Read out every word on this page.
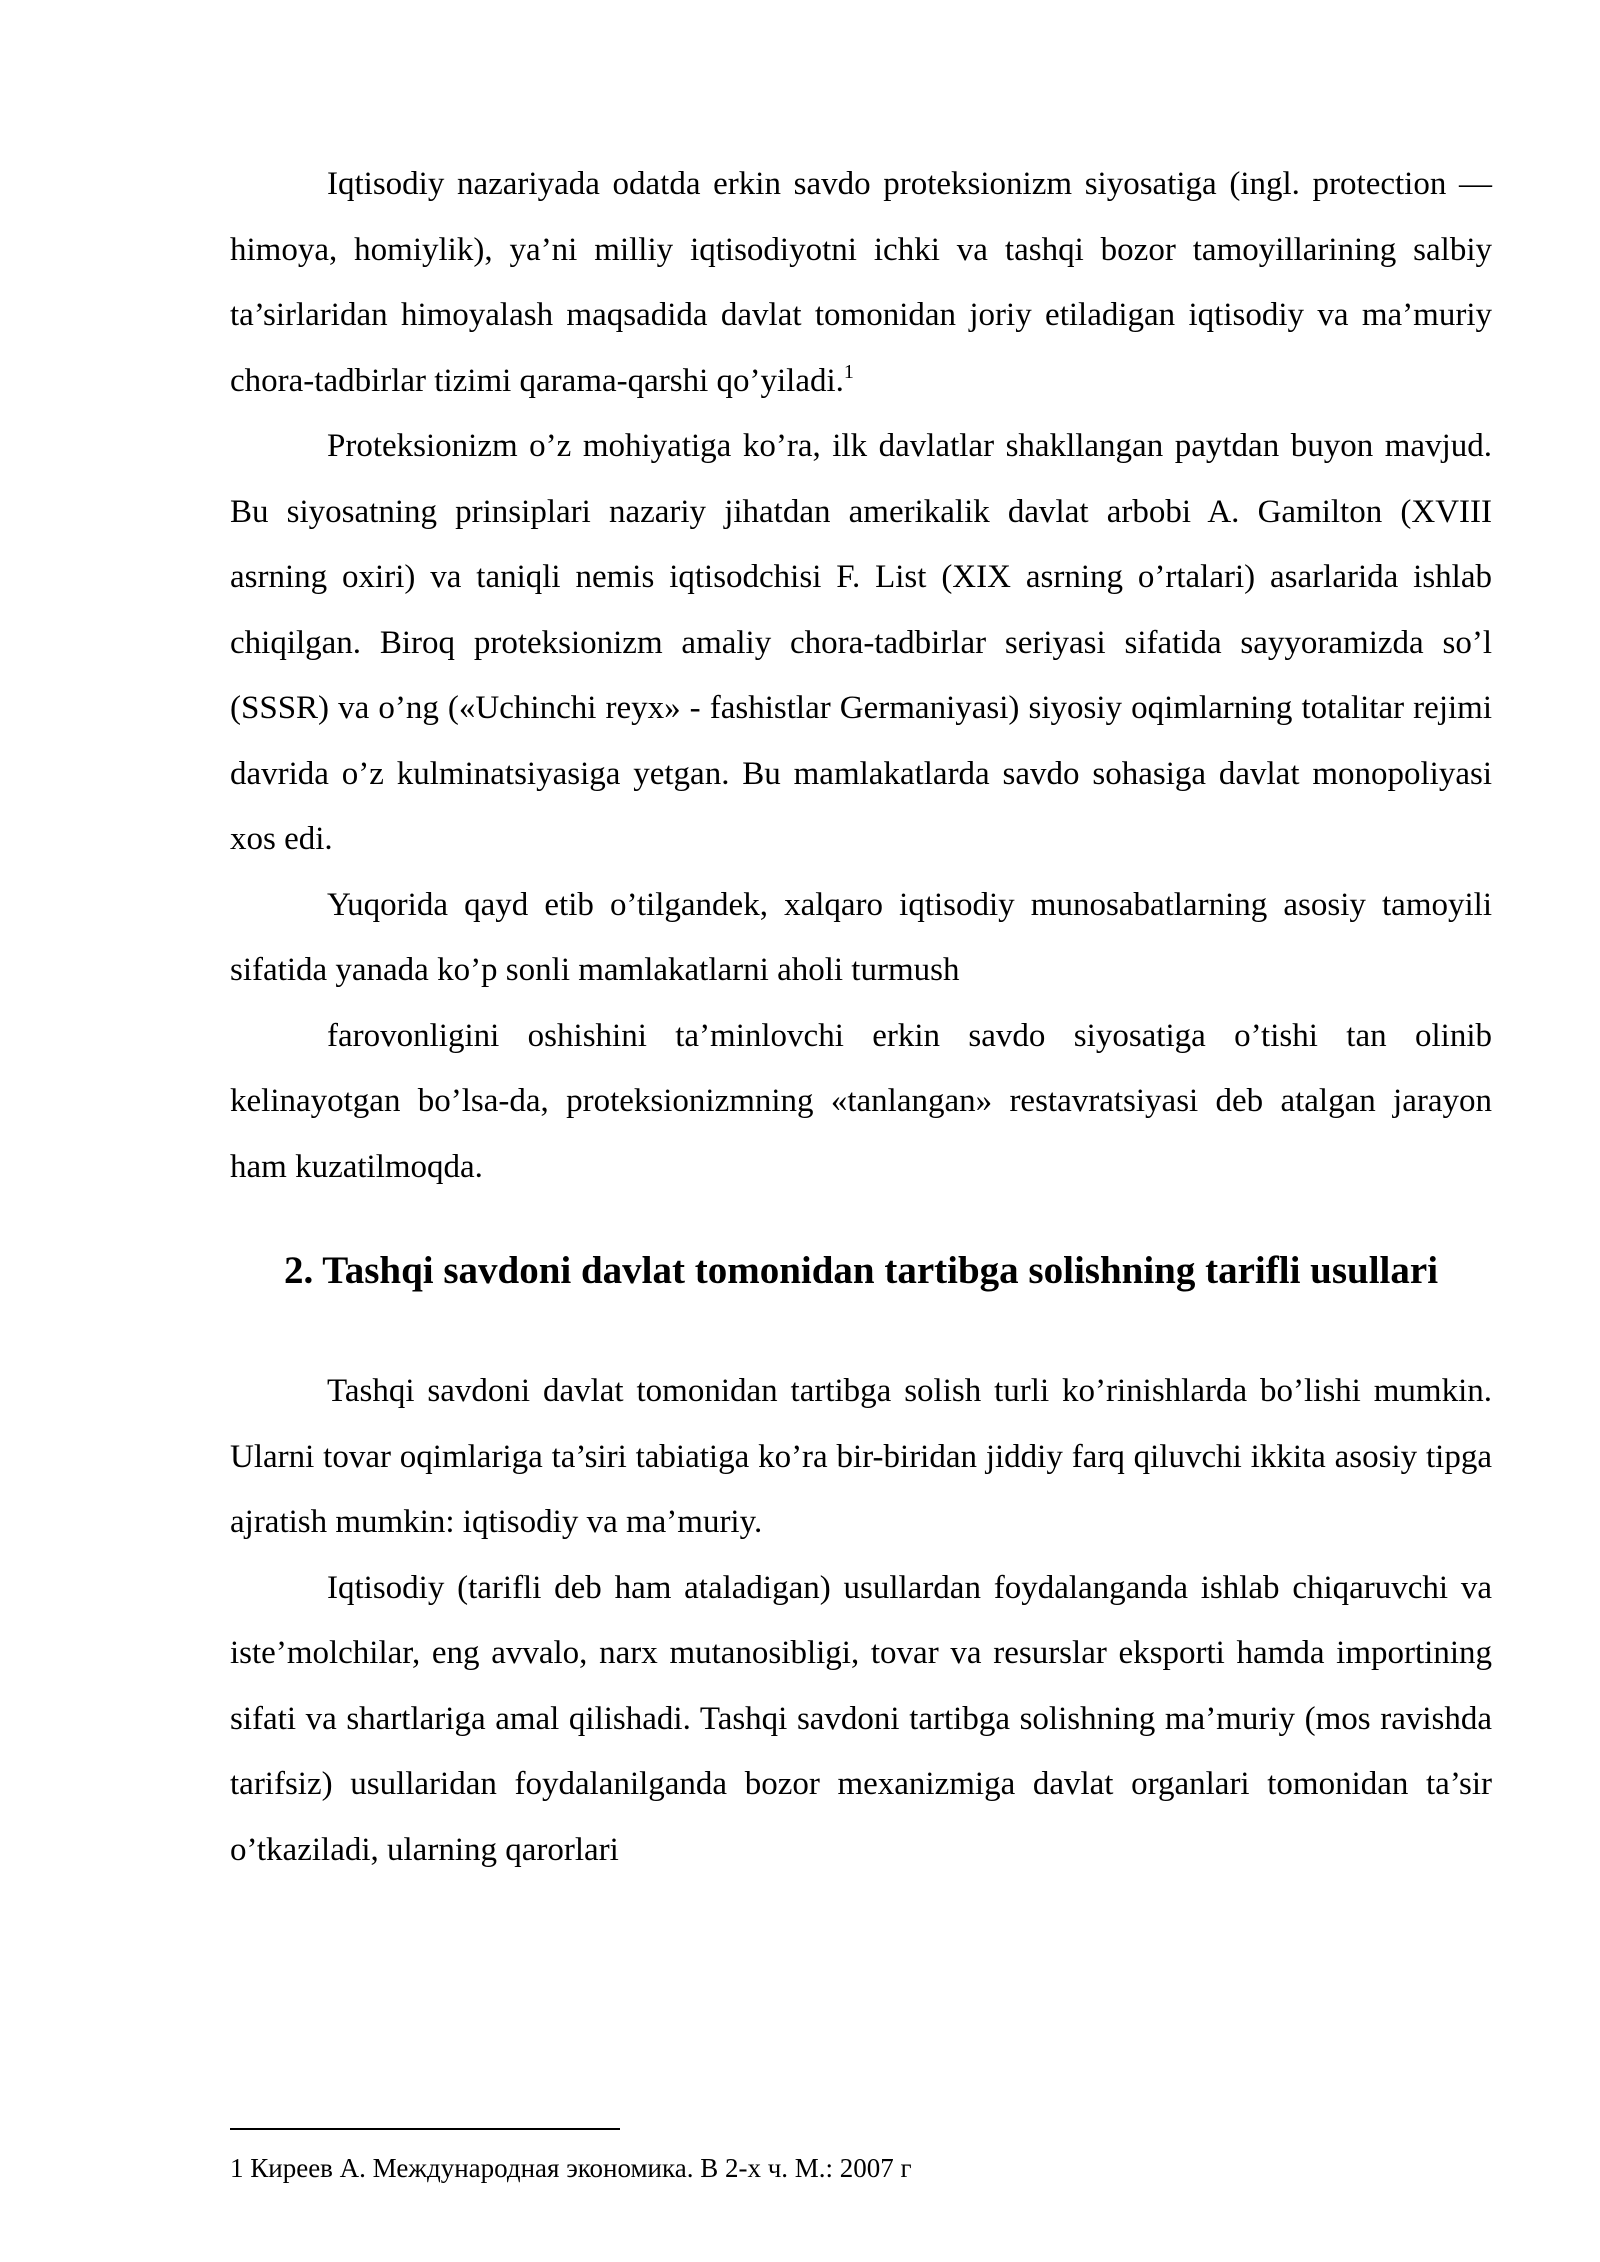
Iqtisodiy nazariyada odatda erkin savdo proteksionizm siyosatiga (ingl. protection — himoya, homiylik), ya’ni milliy iqtisodiyotni ichki va tashqi bozor tamoyillarining salbiy ta’sirlaridan himoyalash maqsadida davlat tomonidan joriy etiladigan iqtisodiy va ma’muriy chora-tadbirlar tizimi qarama-qarshi qo’yiladi.$^1$

Proteksionizm o’z mohiyatiga ko’ra, ilk davlatlar shakllangan paytdan buyon mavjud. Bu siyosatning prinsiplari nazariy jihatdan amerikalik davlat arbobi A. Gamilton (XVIII asrning oxiri) va taniqli nemis iqtisodchisi F. List (XIX asrning o’rtalari) asarlarida ishlab chiqilgan. Biroq proteksionizm amaliy chora-tadbirlar seriyasi sifatida sayyoramizda so’l (SSSR) va o’ng («Uchinchi reyx» - fashistlar Germaniyasi) siyosiy oqimlarning totalitar rejimi davrida o’z kulminatsiyasiga yetgan. Bu mamlakatlarda savdo sohasiga davlat monopoliyasi xos edi.

Yuqorida qayd etib o’tilgandek, xalqaro iqtisodiy munosabatlarning asosiy tamoyili sifatida yanada ko’p sonli mamlakatlarni aholi turmush

farovonligini oshishini ta’minlovchi erkin savdo siyosatiga o’tishi tan olinib kelinayotgan bo’lsa-da, proteksionizmning «tanlangan» restavratsiyasi deb atalgan jarayon ham kuzatilmoqda.

2. Tashqi savdoni davlat tomonidan tartibga solishning tarifli usullari

Tashqi savdoni davlat tomonidan tartibga solish turli ko’rinishlarda bo’lishi mumkin. Ularni tovar oqimlariga ta’siri tabiatiga ko’ra bir-biridan jiddiy farq qiluvchi ikkita asosiy tipga ajratish mumkin: iqtisodiy va ma’muriy.

Iqtisodiy (tarifli deb ham ataladigan) usullardan foydalanganda ishlab chiqaruvchi va iste’molchilar, eng avvalo, narx mutanosibligi, tovar va resurslar eksporti hamda importining sifati va shartlariga amal qilishadi. Tashqi savdoni tartibga solishning ma’muriy (mos ravishda tarifsiz) usullaridan foydalanilganda bozor mexanizmiga davlat organlari tomonidan ta’sir o’tkaziladi, ularning qarorlari

1 Киреев А. Международная экономика. В 2-х ч. М.: 2007 г
